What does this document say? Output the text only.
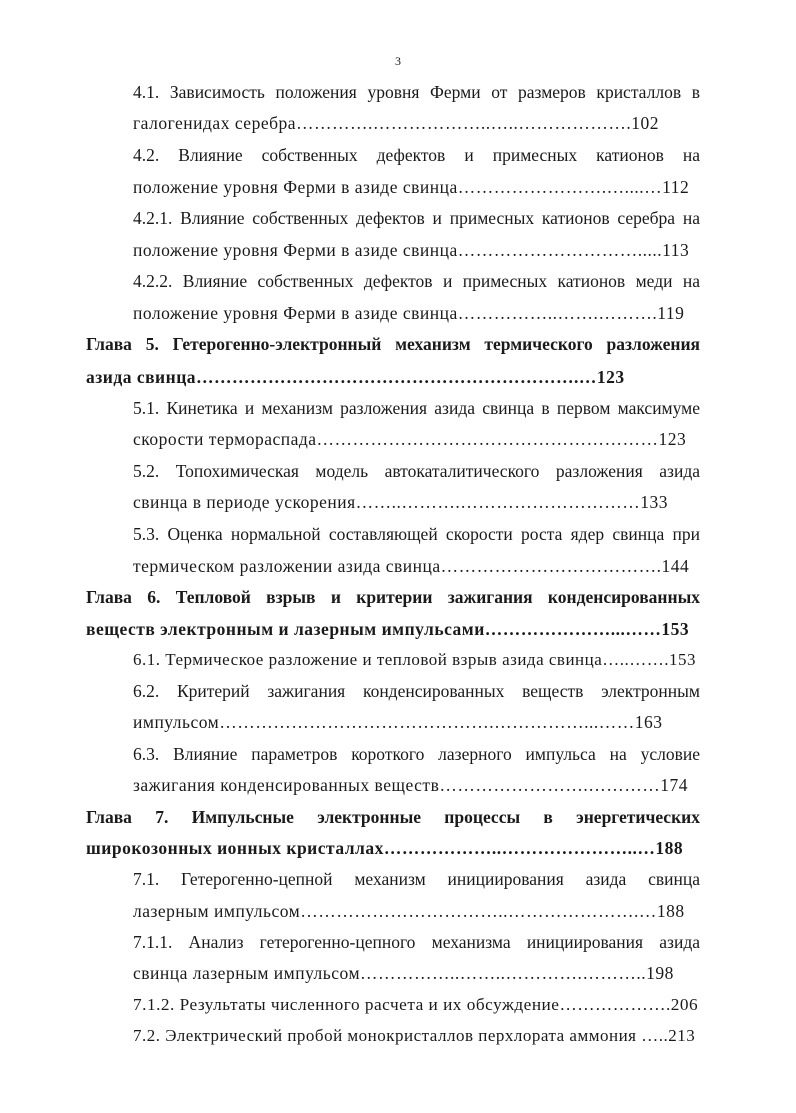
3
4.1. Зависимость положения уровня Ферми от размеров кристаллов в
галогенидах серебра………….………………..…..……………….102
4.2. Влияние собственных дефектов и примесных катионов на
положение уровня Ферми в азиде свинца…………………….…....…112
4.2.1. Влияние собственных дефектов и примесных катионов серебра на
положение уровня Ферми в азиде свинца………………………….....113
4.2.2. Влияние собственных дефектов и примесных катионов меди на
положение уровня Ферми в азиде свинца……………..…….……….119
Глава 5. Гетерогенно-электронный механизм термического разложения
азида свинца……………………………………………………….…123
5.1. Кинетика и механизм разложения азида свинца в первом максимуме
скорости терморaспада…………………………………………………123
5.2. Топохимическая модель автокаталитического разложения азида
свинца в периоде ускорения……..……….…………………………133
5.3. Оценка нормальной составляющей скорости роста ядер свинца при
термическом разложении азида свинца……………………………….144
Глава 6. Тепловой взрыв и критерии зажигания конденсированных
веществ электронным и лазерным импульсами…………………...……153
6.1. Термическое разложение и тепловой взрыв азида свинца…..…….153
6.2. Критерий зажигания конденсированных веществ электронным
импульсом……………………………………….……………...……163
6.3. Влияние параметров короткого лазерного импульса на условие
зажигания конденсированных веществ…………………….…………174
Глава 7. Импульсные электронные процессы в энергетических
широкозонных ионных кристаллах………………..…………………..…188
7.1. Гетерогенно-цепной механизм инициирования азида свинца
лазерным импульсом……………………………..………………….…188
7.1.1. Анализ гетерогенно-цепного механизма инициирования азида
свинца лазерным импульсом……………..……..………….………..198
7.1.2. Результаты численного расчета и их обсуждение……………….206
7.2. Электрический пробой монокристаллов перхлората аммония …..213
